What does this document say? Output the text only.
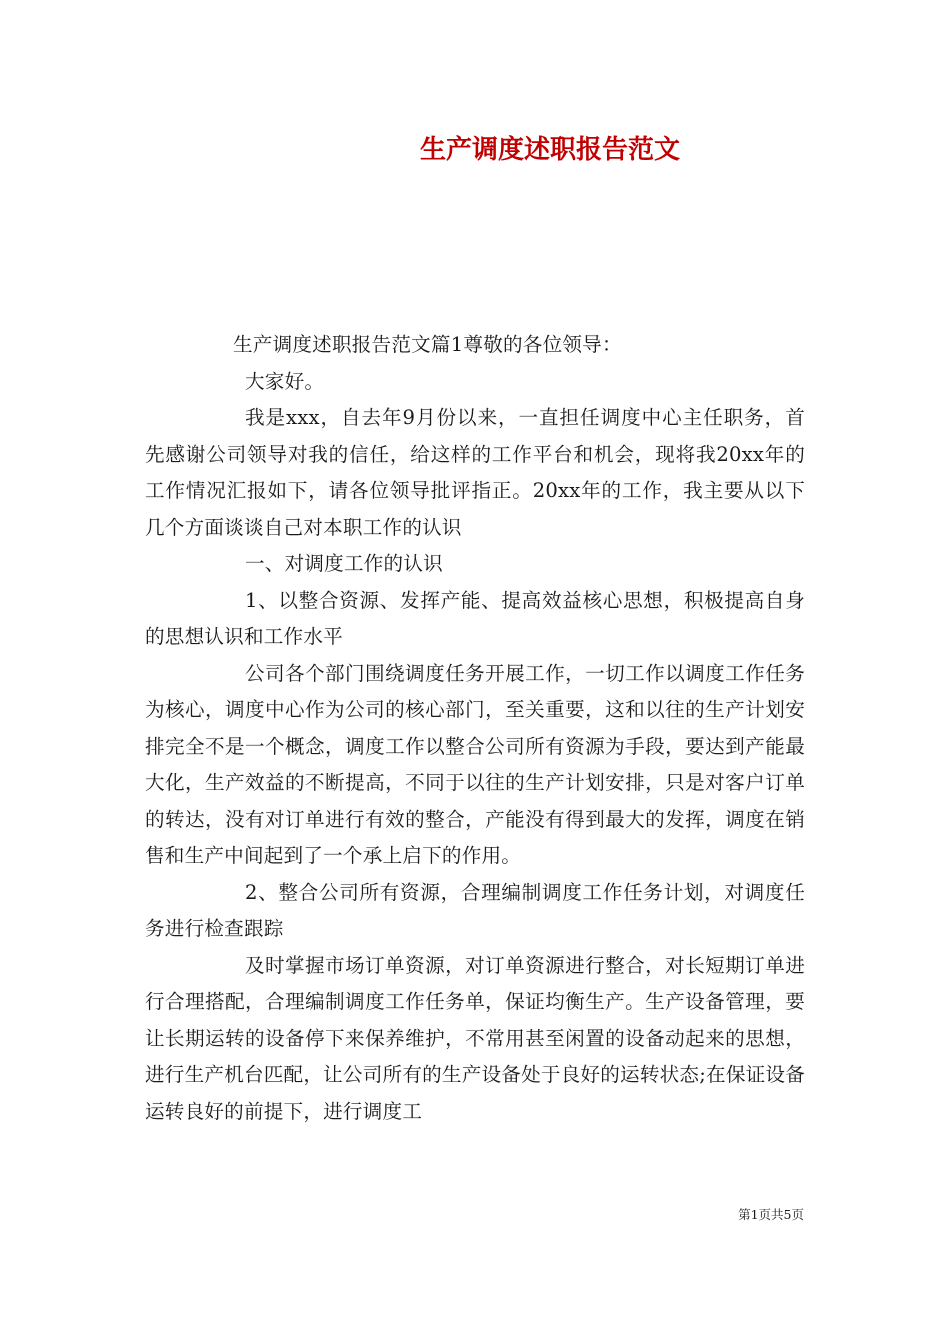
生产调度述职报告范文

生产调度述职报告范文篇1尊敬的各位领导：

大家好。

我是xxx，自去年9月份以来，一直担任调度中心主任职务，首先感谢公司领导对我的信任，给这样的工作平台和机会，现将我20xx年的工作情况汇报如下，请各位领导批评指正。20xx年的工作，我主要从以下几个方面谈谈自己对本职工作的认识

一、对调度工作的认识

1、以整合资源、发挥产能、提高效益核心思想，积极提高自身的思想认识和工作水平

公司各个部门围绕调度任务开展工作，一切工作以调度工作任务为核心，调度中心作为公司的核心部门，至关重要，这和以往的生产计划安排完全不是一个概念，调度工作以整合公司所有资源为手段，要达到产能最大化，生产效益的不断提高，不同于以往的生产计划安排，只是对客户订单的转达，没有对订单进行有效的整合，产能没有得到最大的发挥，调度在销售和生产中间起到了一个承上启下的作用。

2、整合公司所有资源，合理编制调度工作任务计划，对调度任务进行检查跟踪

及时掌握市场订单资源，对订单资源进行整合，对长短期订单进行合理搭配，合理编制调度工作任务单，保证均衡生产。生产设备管理，要让长期运转的设备停下来保养维护，不常用甚至闲置的设备动起来的思想，进行生产机台匹配，让公司所有的生产设备处于良好的运转状态;在保证设备运转良好的前提下，进行调度工

第1页共5页
